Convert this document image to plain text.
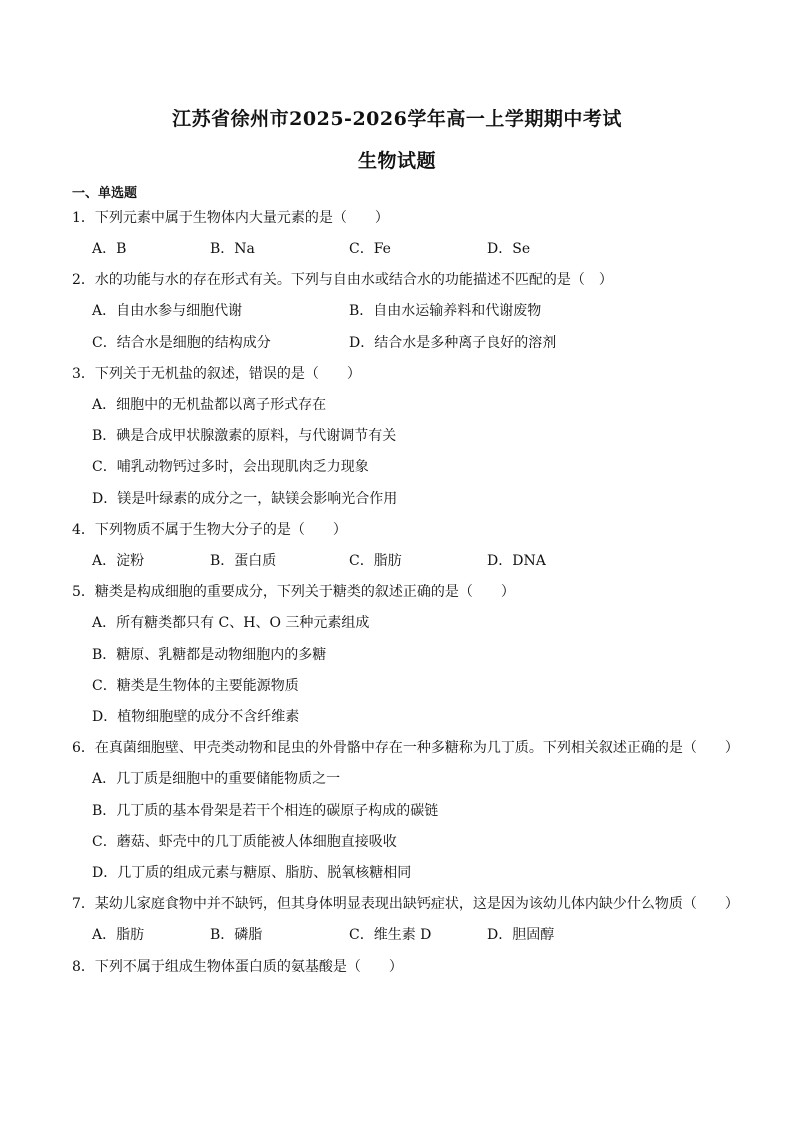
江苏省徐州市2025-2026学年高一上学期期中考试
生物试题
一、单选题
1．下列元素中属于生物体内大量元素的是（　　）
A．B	B．Na	C．Fe	D．Se
2．水的功能与水的存在形式有关。下列与自由水或结合水的功能描述不匹配的是（　）
A．自由水参与细胞代谢	B．自由水运输养料和代谢废物
C．结合水是细胞的结构成分	D．结合水是多种离子良好的溶剂
3．下列关于无机盐的叙述，错误的是（　　）
A．细胞中的无机盐都以离子形式存在
B．碘是合成甲状腺激素的原料，与代谢调节有关
C．哺乳动物钙过多时，会出现肌肉乏力现象
D．镁是叶绿素的成分之一，缺镁会影响光合作用
4．下列物质不属于生物大分子的是（　　）
A．淀粉	B．蛋白质	C．脂肪	D．DNA
5．糖类是构成细胞的重要成分，下列关于糖类的叙述正确的是（　　）
A．所有糖类都只有 C、H、O 三种元素组成
B．糖原、乳糖都是动物细胞内的多糖
C．糖类是生物体的主要能源物质
D．植物细胞壁的成分不含纤维素
6．在真菌细胞壁、甲壳类动物和昆虫的外骨骼中存在一种多糖称为几丁质。下列相关叙述正确的是（　　）
A．几丁质是细胞中的重要储能物质之一
B．几丁质的基本骨架是若干个相连的碳原子构成的碳链
C．蘑菇、虾壳中的几丁质能被人体细胞直接吸收
D．几丁质的组成元素与糖原、脂肪、脱氧核糖相同
7．某幼儿家庭食物中并不缺钙，但其身体明显表现出缺钙症状，这是因为该幼儿体内缺少什么物质（　　）
A．脂肪	B．磷脂	C．维生素 D	D．胆固醇
8．下列不属于组成生物体蛋白质的氨基酸是（　　）
